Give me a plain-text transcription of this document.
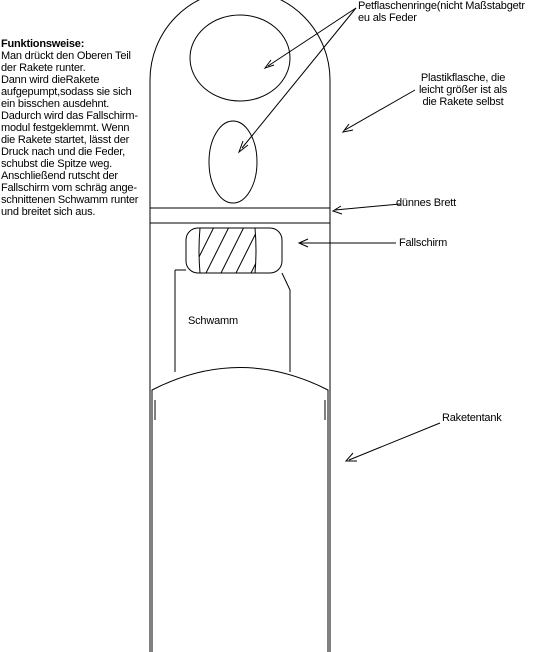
Funktionsweise:
Man drückt den Oberen Teil
der Rakete runter.
Dann wird dieRakete
aufgepumpt,sodass sie sich
ein bisschen ausdehnt.
Dadurch wird das Fallschirm-
modul festgeklemmt. Wenn
die Rakete startet, lässt der
Druck nach und die Feder,
schubst die Spitze weg.
Anschließend rutscht der
Fallschirm vom schräg ange-
schnittenen Schwamm runter
und breitet sich aus.
Petflaschenringe(nicht Maßstabgetr
eu als Feder
Plastikflasche, die
leicht größer ist als
die Rakete selbst
dünnes Brett
Fallschirm
Schwamm
Raketentank
